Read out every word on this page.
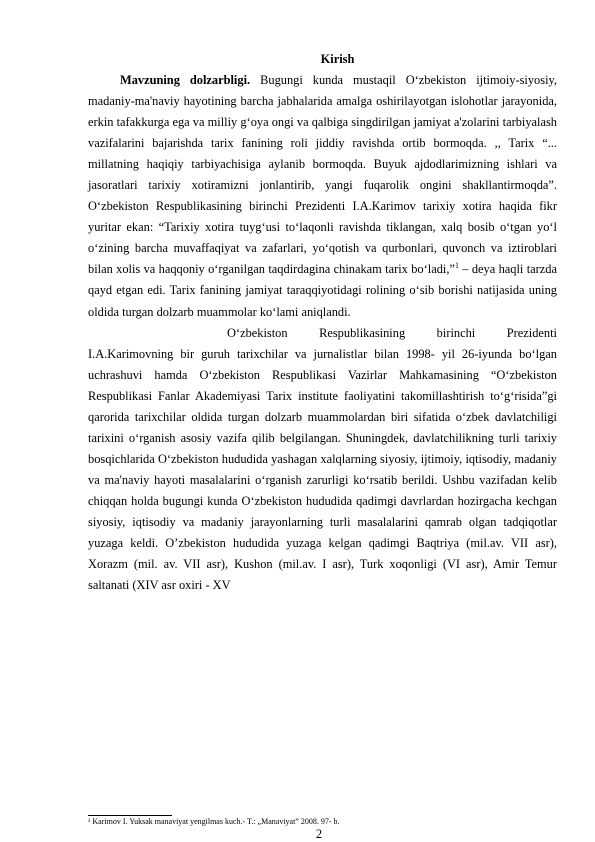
Kirish

Mavzuning dolzarbligi. Bugungi kunda mustaqil O‘zbekiston ijtimoiy-siyosiy, madaniy-ma'naviy hayotining barcha jabhalarida amalga oshirilayotgan islohotlar jarayonida, erkin tafakkurga ega va milliy g‘oya ongi va qalbiga singdirilgan jamiyat a'zolarini tarbiyalash vazifalarini bajarishda tarix fanining roli jiddiy ravishda ortib bormoqda. ,, Tarix “... millatning haqiqiy tarbiyachisiga aylanib bormoqda. Buyuk ajdodlarimizning ishlari va jasoratlari tarixiy xotiramizni jonlantirib, yangi fuqarolik ongini shakllantirmoqda”. O‘zbekiston Respublikasining birinchi Prezidenti I.A.Karimov tarixiy xotira haqida fikr yuritar ekan: “Tarixiy xotira tuyg‘usi to‘laqonli ravishda tiklangan, xalq bosib o‘tgan yo‘l o‘zining barcha muvaffaqiyat va zafarlari, yo‘qotish va qurbonlari, quvonch va iztiroblari bilan xolis va haqqoniy o‘rganilgan taqdirdagina chinakam tarix bo‘ladi,”$^1$ – deya haqli tarzda qayd etgan edi. Tarix fanining jamiyat taraqqiyotidagi rolining o‘sib borishi natijasida uning oldida turgan dolzarb muammolar ko‘lami aniqlandi.

O‘zbekiston Respublikasining birinchi Prezidenti I.A.Karimovning bir guruh tarixchilar va jurnalistlar bilan 1998- yil 26-iyunda bo‘lgan uchrashuvi hamda O‘zbekiston Respublikasi Vazirlar Mahkamasining “O‘zbekiston Respublikasi Fanlar Akademiyasi Tarix institute faoliyatini takomillashtirish to‘g‘risida”gi qarorida tarixchilar oldida turgan dolzarb muammolardan biri sifatida o‘zbek davlatchiligi tarixini o‘rganish asosiy vazifa qilib belgilangan. Shuningdek, davlatchilikning turli tarixiy bosqichlarida O‘zbekiston hududida yashagan xalqlarning siyosiy, ijtimoiy, iqtisodiy, madaniy va ma'naviy hayoti masalalarini o‘rganish zarurligi ko‘rsatib berildi. Ushbu vazifadan kelib chiqqan holda bugungi kunda O‘zbekiston hududida qadimgi davrlardan hozirgacha kechgan siyosiy, iqtisodiy va madaniy jarayonlarning turli masalalarini qamrab olgan tadqiqotlar yuzaga keldi. O’zbekiston hududida yuzaga kelgan qadimgi Baqtriya (mil.av. VII asr), Xorazm (mil. av. VII asr), Kushon (mil.av. I asr), Turk xoqonligi (VI asr), Amir Temur saltanati (XIV asr oxiri - XV

¹ Karimov I. Yuksak manaviyat yengilmas kuch.- T.: „Manaviyat” 2008. 97- b.
2
